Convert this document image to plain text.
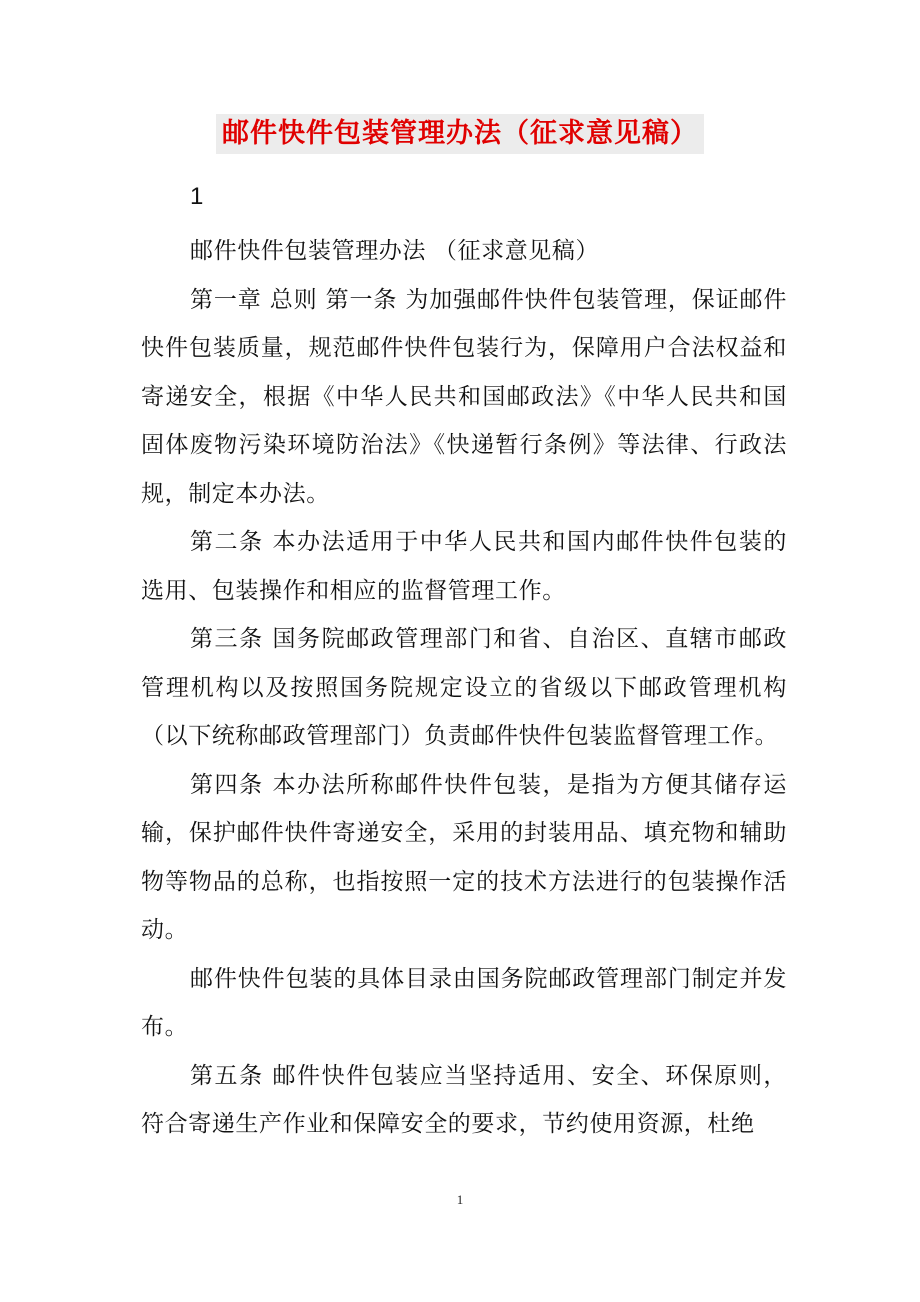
邮件快件包装管理办法（征求意见稿）
1

邮件快件包装管理办法 （征求意见稿）

第一章 总则 第一条 为加强邮件快件包装管理，保证邮件快件包装质量，规范邮件快件包装行为，保障用户合法权益和寄递安全，根据《中华人民共和国邮政法》《中华人民共和国固体废物污染环境防治法》《快递暂行条例》等法律、行政法规，制定本办法。

第二条 本办法适用于中华人民共和国内邮件快件包装的选用、包装操作和相应的监督管理工作。

第三条 国务院邮政管理部门和省、自治区、直辖市邮政管理机构以及按照国务院规定设立的省级以下邮政管理机构（以下统称邮政管理部门）负责邮件快件包装监督管理工作。

第四条 本办法所称邮件快件包装，是指为方便其储存运输，保护邮件快件寄递安全，采用的封装用品、填充物和辅助物等物品的总称，也指按照一定的技术方法进行的包装操作活动。

邮件快件包装的具体目录由国务院邮政管理部门制定并发布。

第五条 邮件快件包装应当坚持适用、安全、环保原则，符合寄递生产作业和保障安全的要求，节约使用资源，杜绝

1
